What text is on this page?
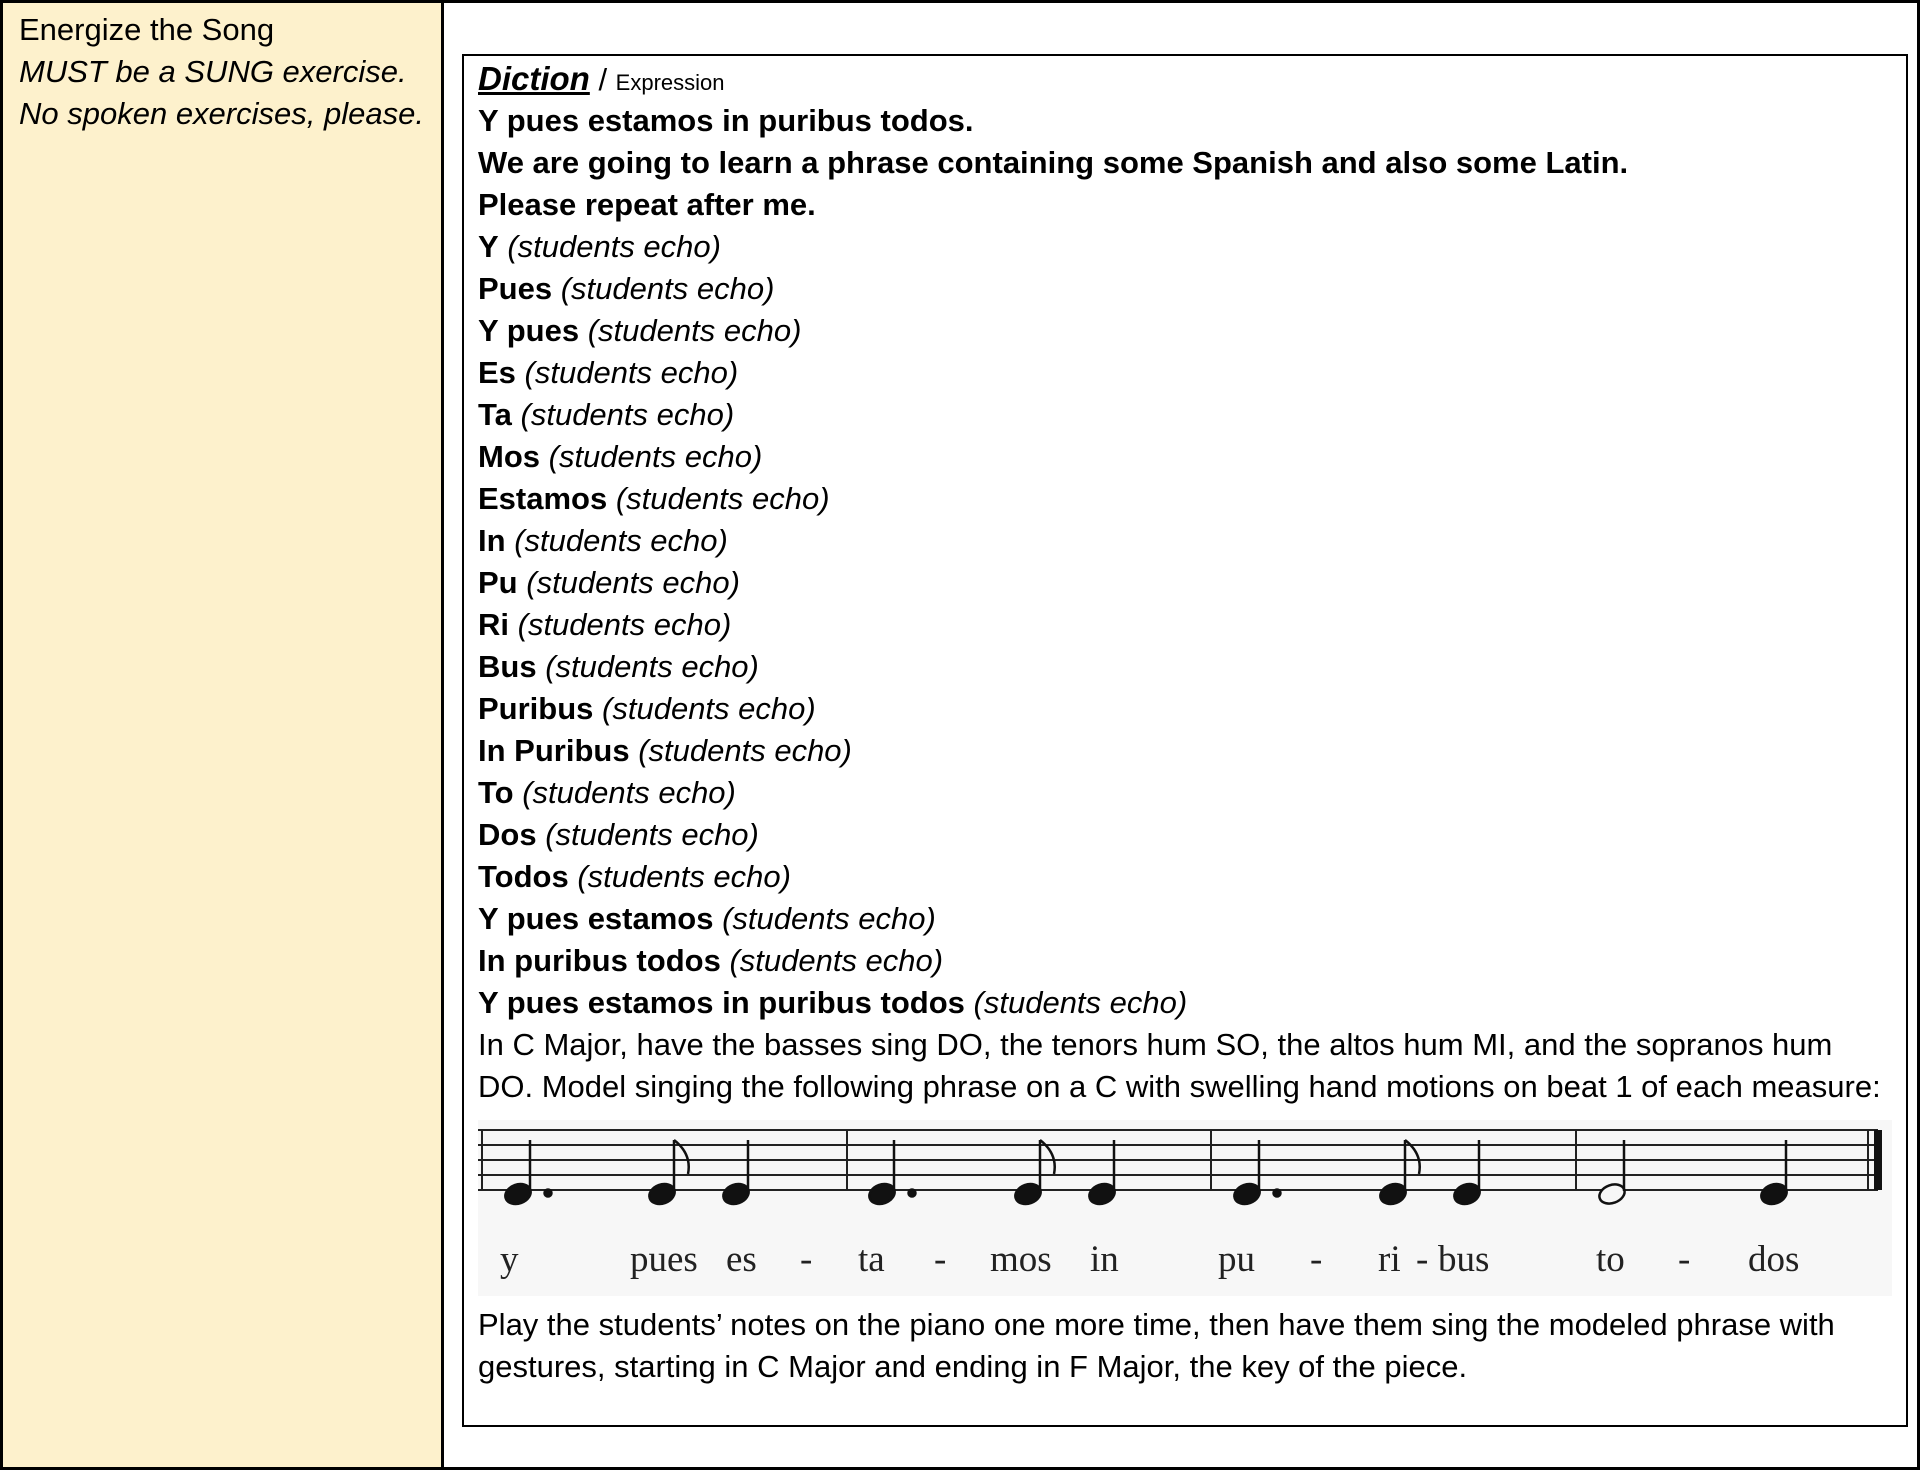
Energize the Song
MUST be a SUNG exercise. No spoken exercises, please.
Diction / Expression
Y pues estamos in puribus todos.
We are going to learn a phrase containing some Spanish and also some Latin.
Please repeat after me.
Y (students echo)
Pues (students echo)
Y pues (students echo)
Es (students echo)
Ta (students echo)
Mos (students echo)
Estamos (students echo)
In (students echo)
Pu (students echo)
Ri (students echo)
Bus (students echo)
Puribus (students echo)
In Puribus (students echo)
To (students echo)
Dos (students echo)
Todos (students echo)
Y pues estamos (students echo)
In puribus todos (students echo)
Y pues estamos in puribus todos (students echo)
In C Major, have the basses sing DO, the tenors hum SO, the altos hum MI, and the sopranos hum DO. Model singing the following phrase on a C with swelling hand motions on beat 1 of each measure:
y	pues es - ta - mos in	pu - ri - bus	to - dos
Play the students’ notes on the piano one more time, then have them sing the modeled phrase with gestures, starting in C Major and ending in F Major, the key of the piece.
